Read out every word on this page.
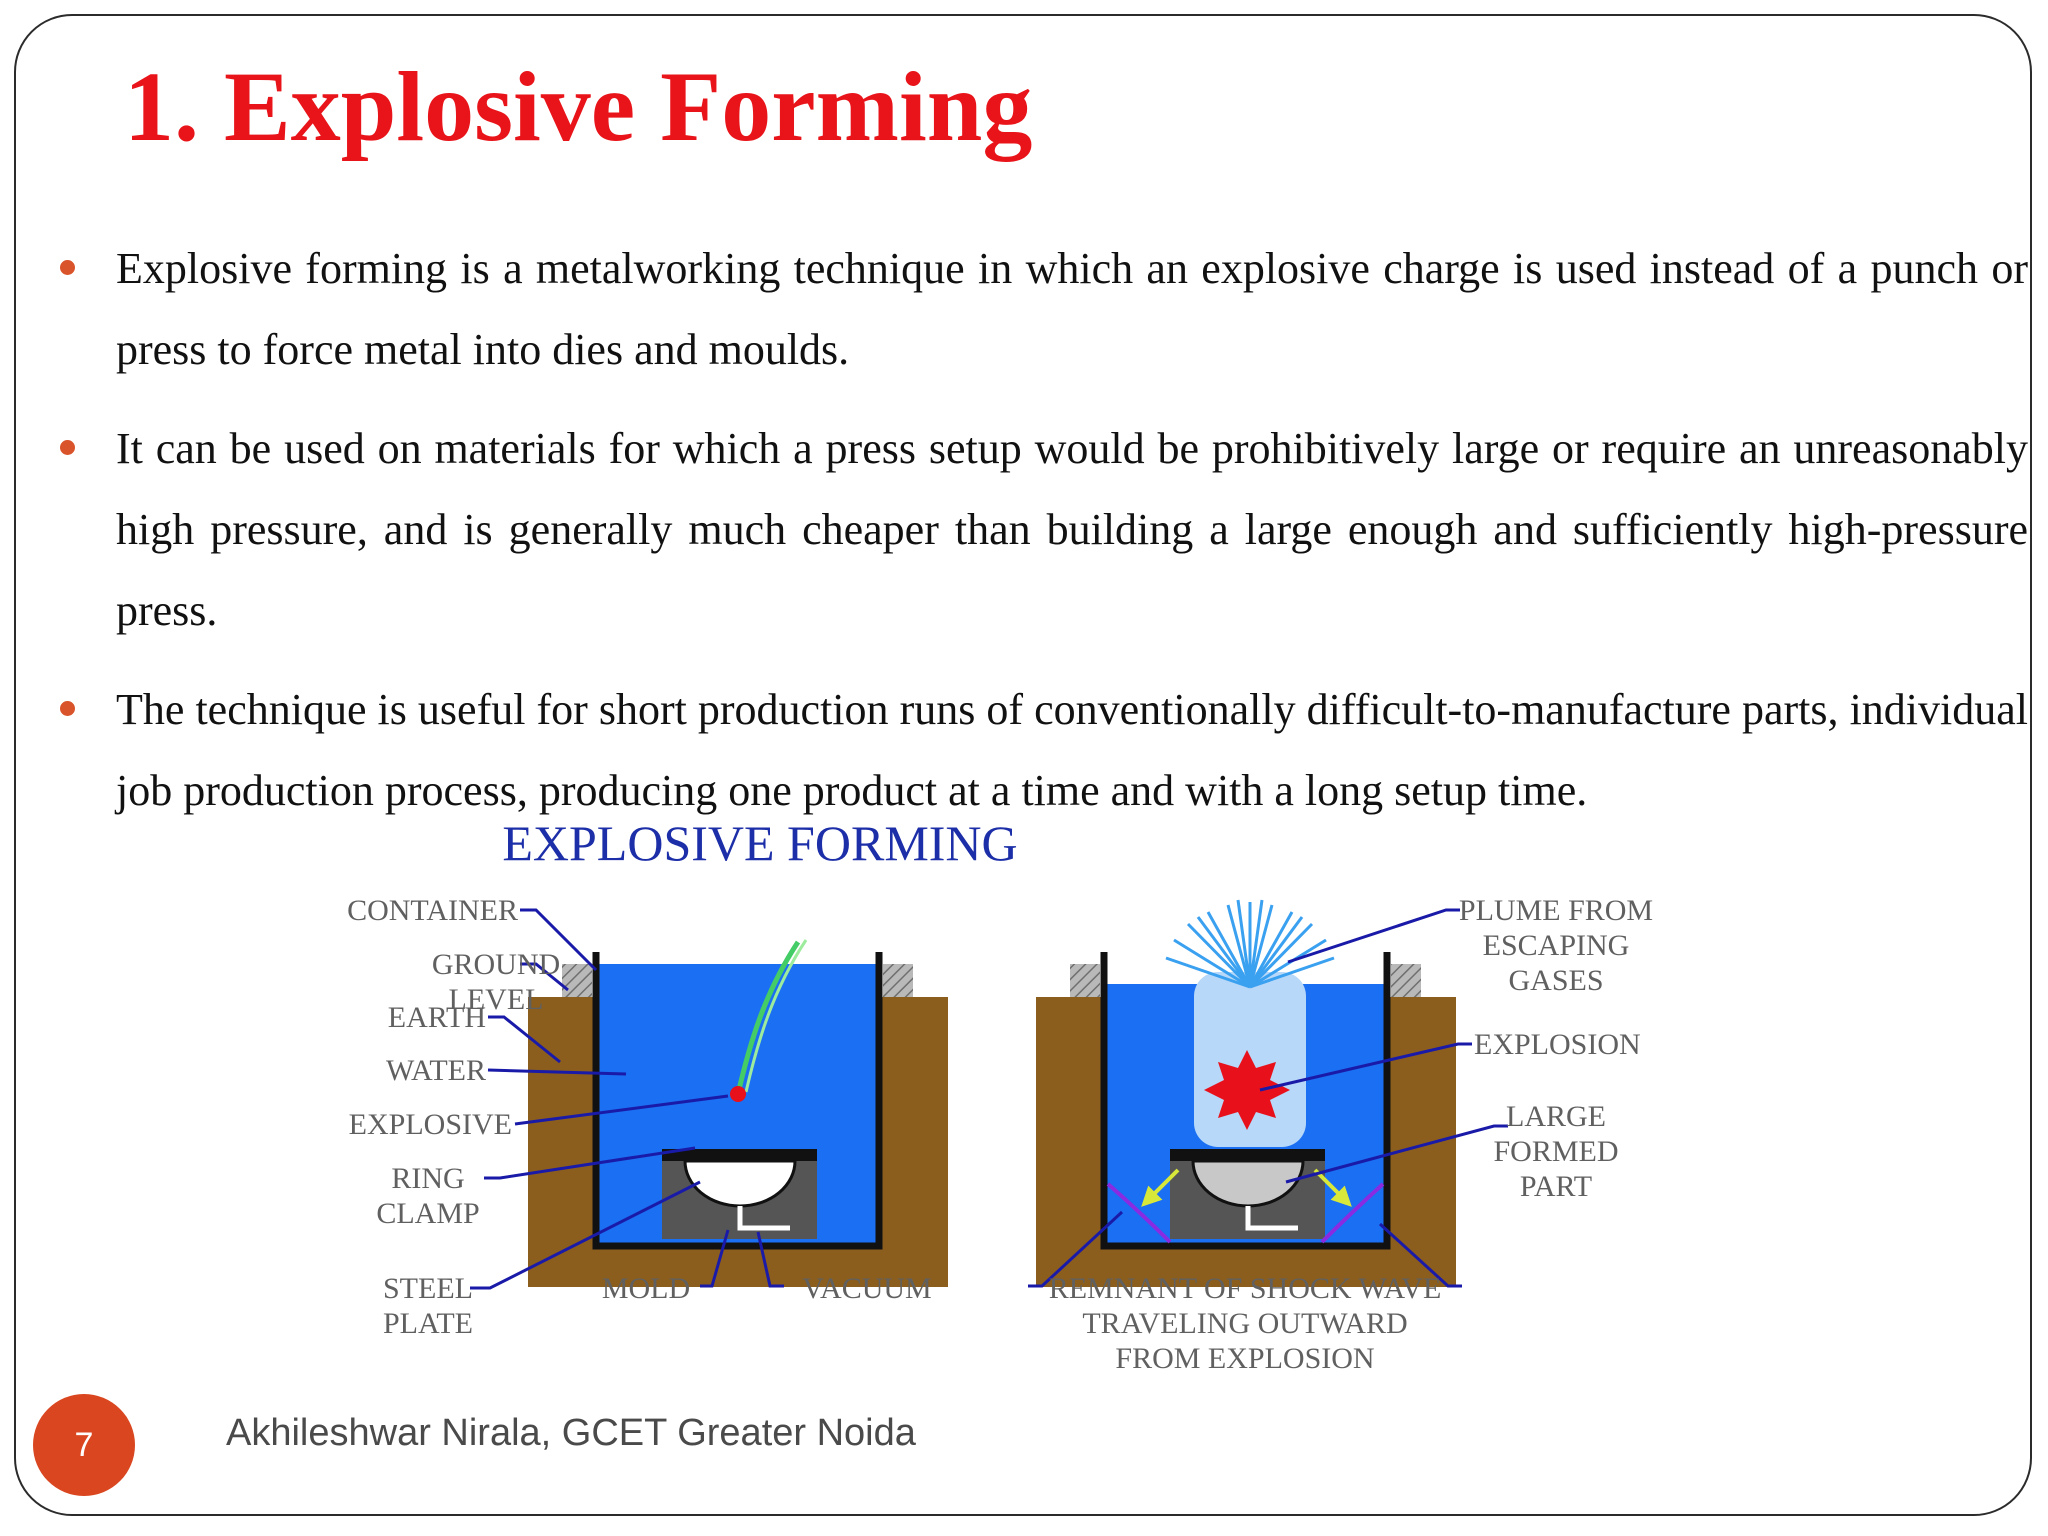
1. Explosive Forming
Explosive forming is a metalworking technique in which an explosive charge is used instead of a punch or press to force metal into dies and moulds.
It can be used on materials for which a press setup would be prohibitively large or require an unreasonably high pressure, and is generally much cheaper than building a large enough and sufficiently high-pressure press.
The technique is useful for short production runs of conventionally difficult-to-manufacture parts, individual job production process, producing one product at a time and with a long setup time.
EXPLOSIVE FORMING
CONTAINER
GROUND
LEVEL
EARTH
WATER
EXPLOSIVE
RING
CLAMP
STEEL
PLATE
MOLD	VACUUM
PLUME FROM
ESCAPING
GASES
EXPLOSION
LARGE
FORMED
PART
REMNANT OF SHOCK WAVE
TRAVELING OUTWARD
FROM EXPLOSION
7	Akhileshwar Nirala, GCET Greater Noida
